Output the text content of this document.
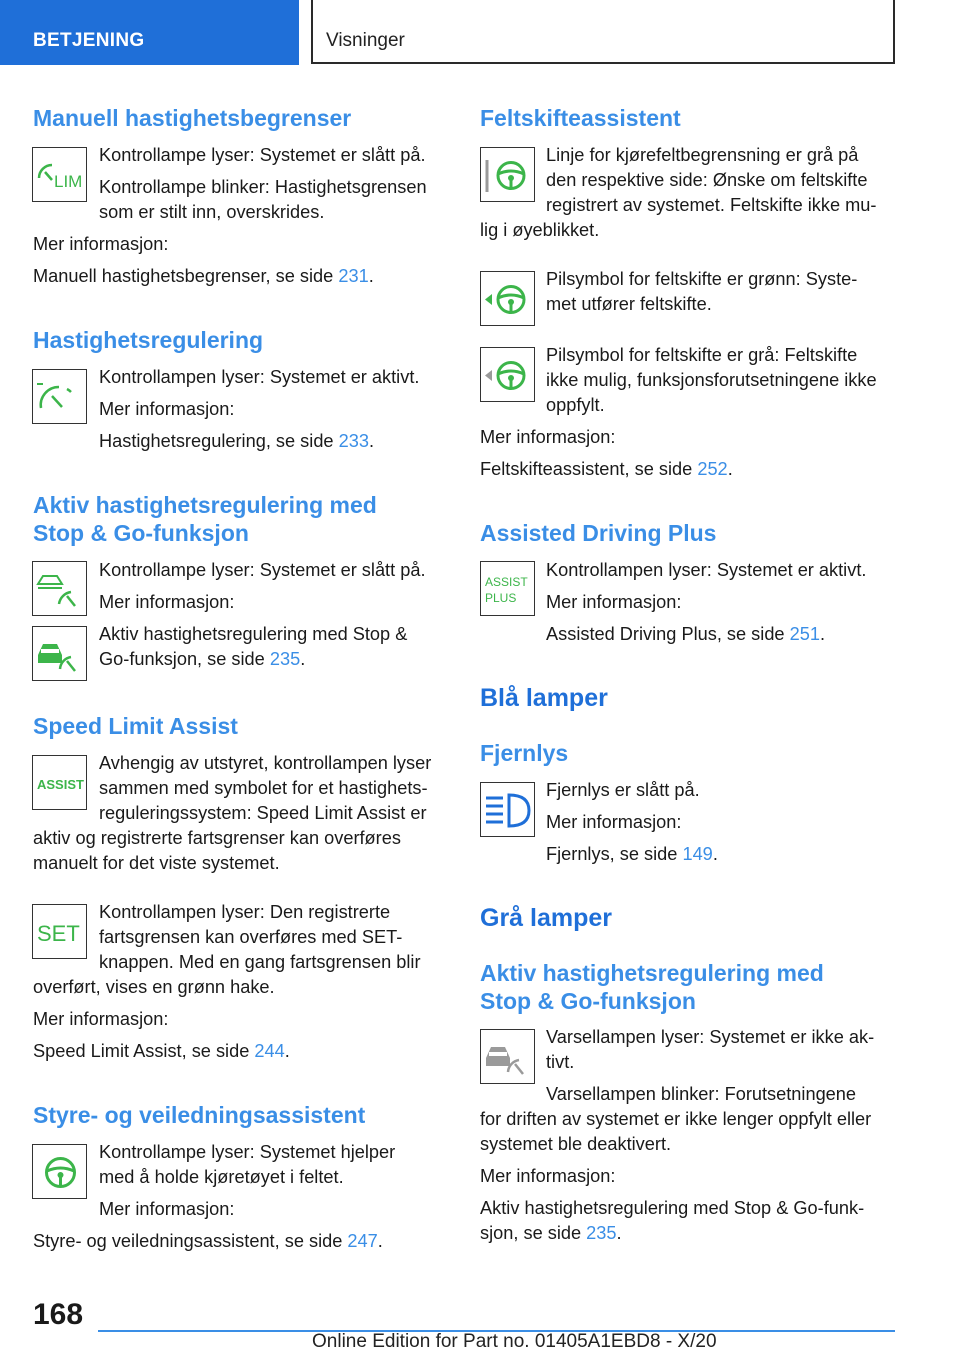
BETJENING	Visninger
Manuell hastighetsbegrenser
LIM
Kontrollampe lyser: Systemet er slått på.
Kontrollampe blinker: Hastighetsgrensen
som er stilt inn, overskrides.
Mer informasjon:
Manuell hastighetsbegrenser, se side 231.
Hastighetsregulering
Kontrollampen lyser: Systemet er aktivt.
Mer informasjon:
Hastighetsregulering, se side 233.
Aktiv hastighetsregulering med
Stop & Go-funksjon
Kontrollampe lyser: Systemet er slått på.
Mer informasjon:
Aktiv hastighetsregulering med Stop &
Go-funksjon, se side 235.
Speed Limit Assist
ASSIST
Avhengig av utstyret, kontrollampen lyser
sammen med symbolet for et hastighets-
reguleringssystem: Speed Limit Assist er
aktiv og registrerte fartsgrenser kan overføres
manuelt for det viste systemet.
SET
Kontrollampen lyser: Den registrerte
fartsgrensen kan overføres med SET-
knappen. Med en gang fartsgrensen blir
overført, vises en grønn hake.
Mer informasjon:
Speed Limit Assist, se side 244.
Styre- og veiledningsassistent
Kontrollampe lyser: Systemet hjelper
med å holde kjøretøyet i feltet.
Mer informasjon:
Styre- og veiledningsassistent, se side 247.
Feltskifteassistent
Linje for kjørefeltbegrensning er grå på
den respektive side: Ønske om feltskifte
registrert av systemet. Feltskifte ikke mu-
lig i øyeblikket.
Pilsymbol for feltskifte er grønn: Syste-
met utfører feltskifte.
Pilsymbol for feltskifte er grå: Feltskifte
ikke mulig, funksjonsforutsetningene ikke
oppfylt.
Mer informasjon:
Feltskifteassistent, se side 252.
Assisted Driving Plus
ASSIST
PLUS
Kontrollampen lyser: Systemet er aktivt.
Mer informasjon:
Assisted Driving Plus, se side 251.
Blå lamper
Fjernlys
Fjernlys er slått på.
Mer informasjon:
Fjernlys, se side 149.
Grå lamper
Aktiv hastighetsregulering med
Stop & Go-funksjon
Varsellampen lyser: Systemet er ikke ak-
tivt.
Varsellampen blinker: Forutsetningene
for driften av systemet er ikke lenger oppfylt eller
systemet ble deaktivert.
Mer informasjon:
Aktiv hastighetsregulering med Stop & Go-funk-
sjon, se side 235.
168
Online Edition for Part no. 01405A1EBD8 - X/20
